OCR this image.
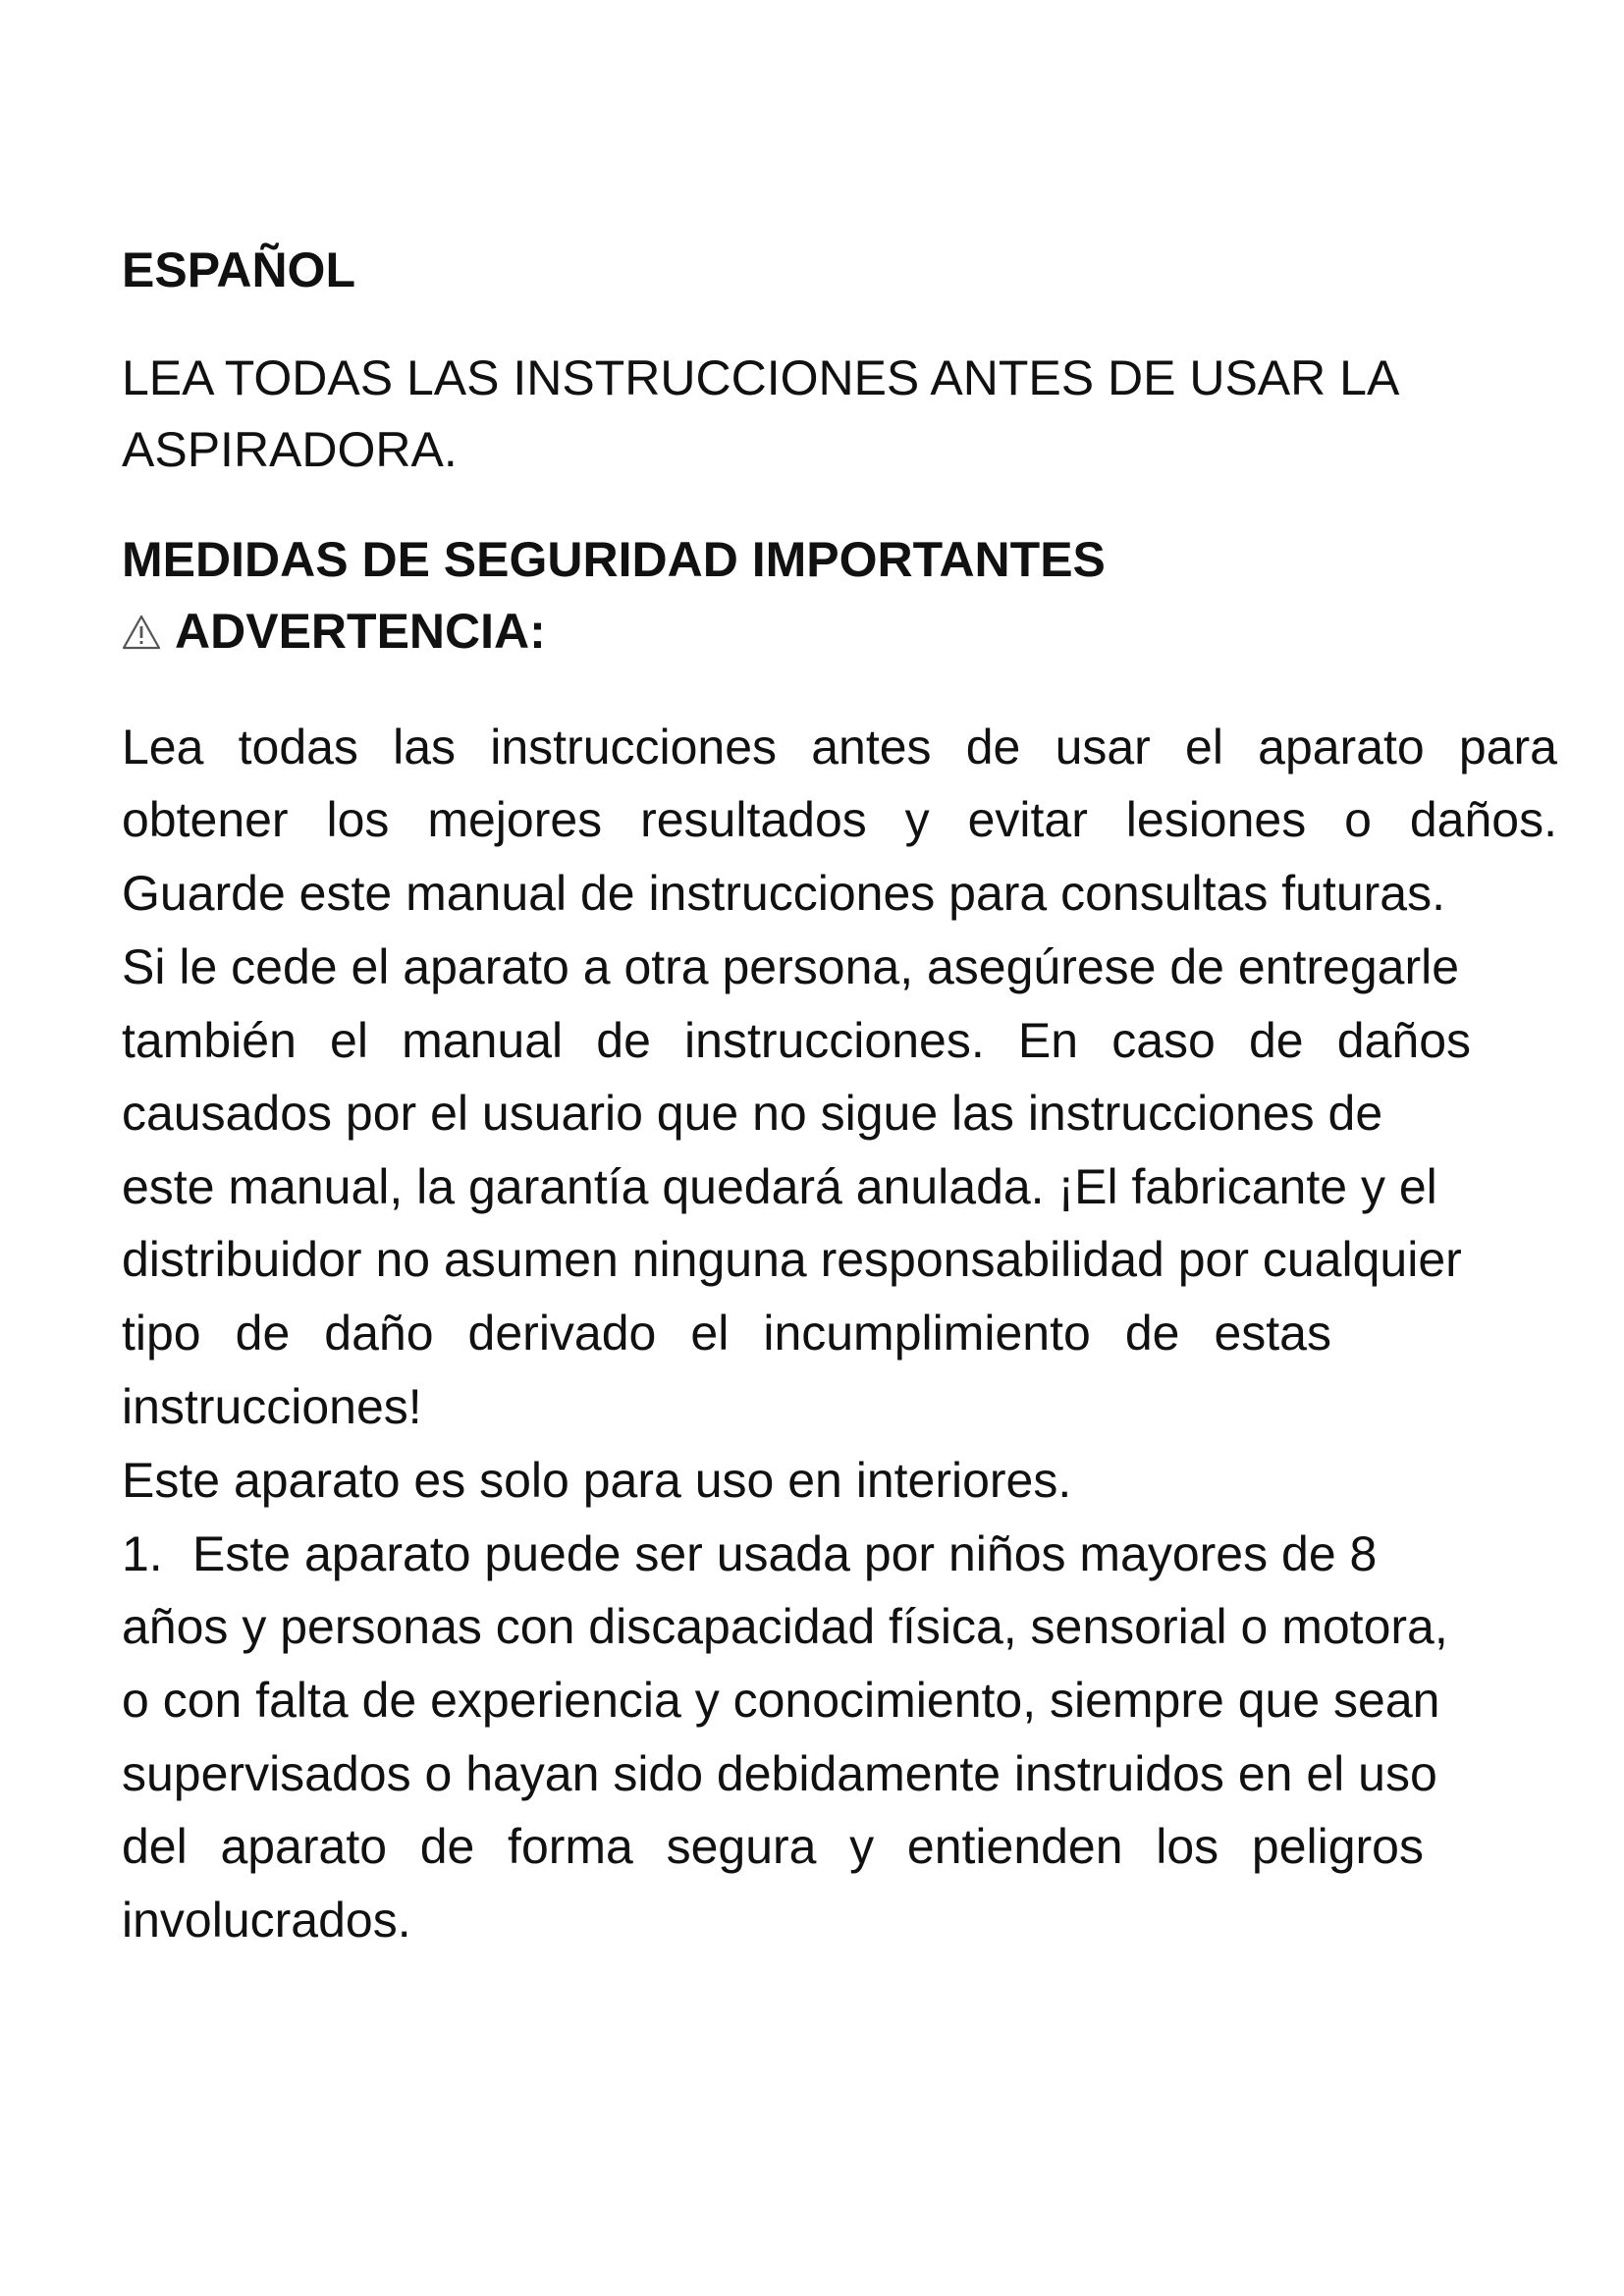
ESPAÑOL

LEA TODAS LAS INSTRUCCIONES ANTES DE USAR LA

ASPIRADORA.

MEDIDAS DE SEGURIDAD IMPORTANTES

ADVERTENCIA:

Lea todas las instrucciones antes de usar el aparato para

obtener los mejores resultados y evitar lesiones o daños.

Guarde este manual de instrucciones para consultas futuras.

Si le cede el aparato a otra persona, asegúrese de entregarle

también el manual de instrucciones. En caso de daños

causados por el usuario que no sigue las instrucciones de

este manual, la garantía quedará anulada. ¡El fabricante y el

distribuidor no asumen ninguna responsabilidad por cualquier

tipo de daño derivado el incumplimiento de estas

instrucciones!

Este aparato es solo para uso en interiores.

1. Este aparato puede ser usada por niños mayores de 8

años y personas con discapacidad física, sensorial o motora,

o con falta de experiencia y conocimiento, siempre que sean

supervisados o hayan sido debidamente instruidos en el uso

del aparato de forma segura y entienden los peligros

involucrados.
